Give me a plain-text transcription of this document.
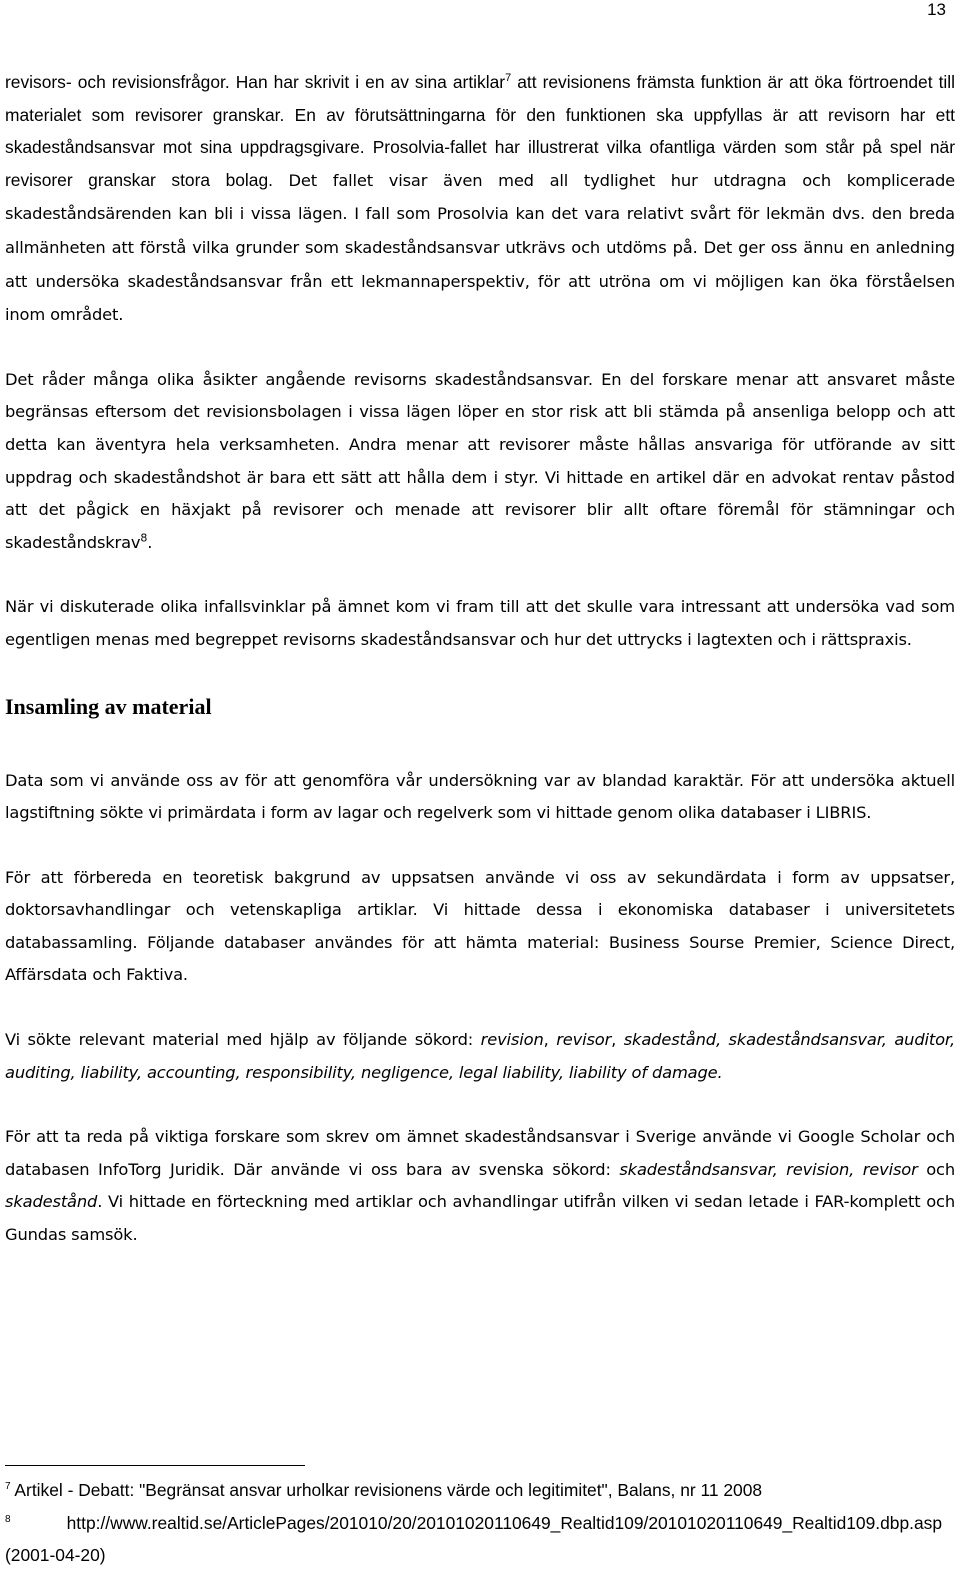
13

revisors- och revisionsfrågor. Han har skrivit i en av sina artiklar$^7$ att revisionens främsta funktion är att öka förtroendet till materialet som revisorer granskar. En av förutsättningarna för den funktionen ska uppfyllas är att revisorn har ett skadeståndsansvar mot sina uppdragsgivare. Prosolvia-fallet har illustrerat vilka ofantliga värden som står på spel när revisorer granskar stora bolag. Det fallet visar även med all tydlighet hur utdragna och komplicerade skadeståndsärenden kan bli i vissa lägen. I fall som Prosolvia kan det vara relativt svårt för lekmän dvs. den breda allmänheten att förstå vilka grunder som skadeståndsansvar utkrävs och utdöms på. Det ger oss ännu en anledning att undersöka skadeståndsansvar från ett lekmannaperspektiv, för att utröna om vi möjligen kan öka förståelsen inom området.

Det råder många olika åsikter angående revisorns skadeståndsansvar. En del forskare menar att ansvaret måste begränsas eftersom det revisionsbolagen i vissa lägen löper en stor risk att bli stämda på ansenliga belopp och att detta kan äventyra hela verksamheten. Andra menar att revisorer måste hållas ansvariga för utförande av sitt uppdrag och skadeståndshot är bara ett sätt att hålla dem i styr. Vi hittade en artikel där en advokat rentav påstod att det pågick en häxjakt på revisorer och menade att revisorer blir allt oftare föremål för stämningar och skadeståndskrav$^8$.

När vi diskuterade olika infallsvinklar på ämnet kom vi fram till att det skulle vara intressant att undersöka vad som egentligen menas med begreppet revisorns skadeståndsansvar och hur det uttrycks i lagtexten och i rättspraxis.

Insamling av material

Data som vi använde oss av för att genomföra vår undersökning var av blandad karaktär. För att undersöka aktuell lagstiftning sökte vi primärdata i form av lagar och regelverk som vi hittade genom olika databaser i LIBRIS.

För att förbereda en teoretisk bakgrund av uppsatsen använde vi oss av sekundärdata i form av uppsatser, doktorsavhandlingar och vetenskapliga artiklar. Vi hittade dessa i ekonomiska databaser i universitetets databassamling. Följande databaser användes för att hämta material: Business Sourse Premier, Science Direct, Affärsdata och Faktiva.

Vi sökte relevant material med hjälp av följande sökord: revision, revisor, skadestånd, skadeståndsansvar, auditor, auditing, liability, accounting, responsibility, negligence, legal liability, liability of damage.

För att ta reda på viktiga forskare som skrev om ämnet skadeståndsansvar i Sverige använde vi Google Scholar och databasen InfoTorg Juridik. Där använde vi oss bara av svenska sökord: skadeståndsansvar, revision, revisor och skadestånd. Vi hittade en förteckning med artiklar och avhandlingar utifrån vilken vi sedan letade i FAR-komplett och Gundas samsök.

$^7$ Artikel - Debatt: "Begränsat ansvar urholkar revisionens värde och legitimitet", Balans, nr 11 2008

$^8$ http://www.realtid.se/ArticlePages/201010/20/20101020110649_Realtid109/20101020110649_Realtid109.dbp.asp (2001-04-20)
